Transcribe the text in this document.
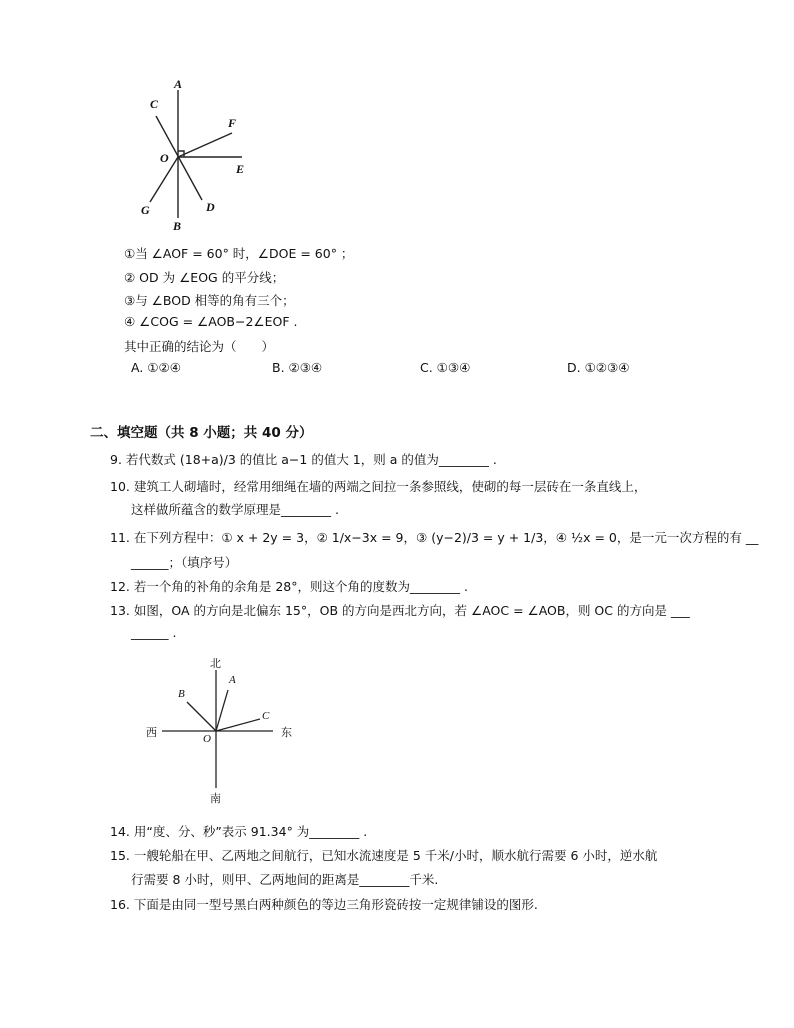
A
C
F
O
E
G	D
B
①当 ∠AOF = 60° 时，∠DOE = 60° ；
② OD 为 ∠EOG 的平分线；
③与 ∠BOD 相等的角有三个；
④ ∠COG = ∠AOB−2∠EOF .
其中正确的结论为（　　）
A. ①②④	B. ②③④	C. ①③④	D. ①②③④
二、填空题（共 8 小题；共 40 分）
9. 若代数式 (18+a)/3 的值比 a−1 的值大 1，则 a 的值为________ .
10. 建筑工人砌墙时，经常用细绳在墙的两端之间拉一条参照线，使砌的每一层砖在一条直线上，
这样做所蕴含的数学原理是________ .
11. 在下列方程中：① x + 2y = 3，② 1/x−3x = 9，③ (y−2)/3 = y + 1/3，④ ½x = 0，是一元一次方程的有 __
______；（填序号）
12. 若一个角的补角的余角是 28°，则这个角的度数为________ .
13. 如图，OA 的方向是北偏东 15°，OB 的方向是西北方向，若 ∠AOC = ∠AOB，则 OC 的方向是 ___
______ .
北
南
西	东
A
B
C
O
14. 用“度、分、秒”表示 91.34° 为________ .
15. 一艘轮船在甲、乙两地之间航行，已知水流速度是 5 千米/小时，顺水航行需要 6 小时，逆水航
行需要 8 小时，则甲、乙两地间的距离是________千米.
16. 下面是由同一型号黑白两种颜色的等边三角形瓷砖按一定规律铺设的图形.
